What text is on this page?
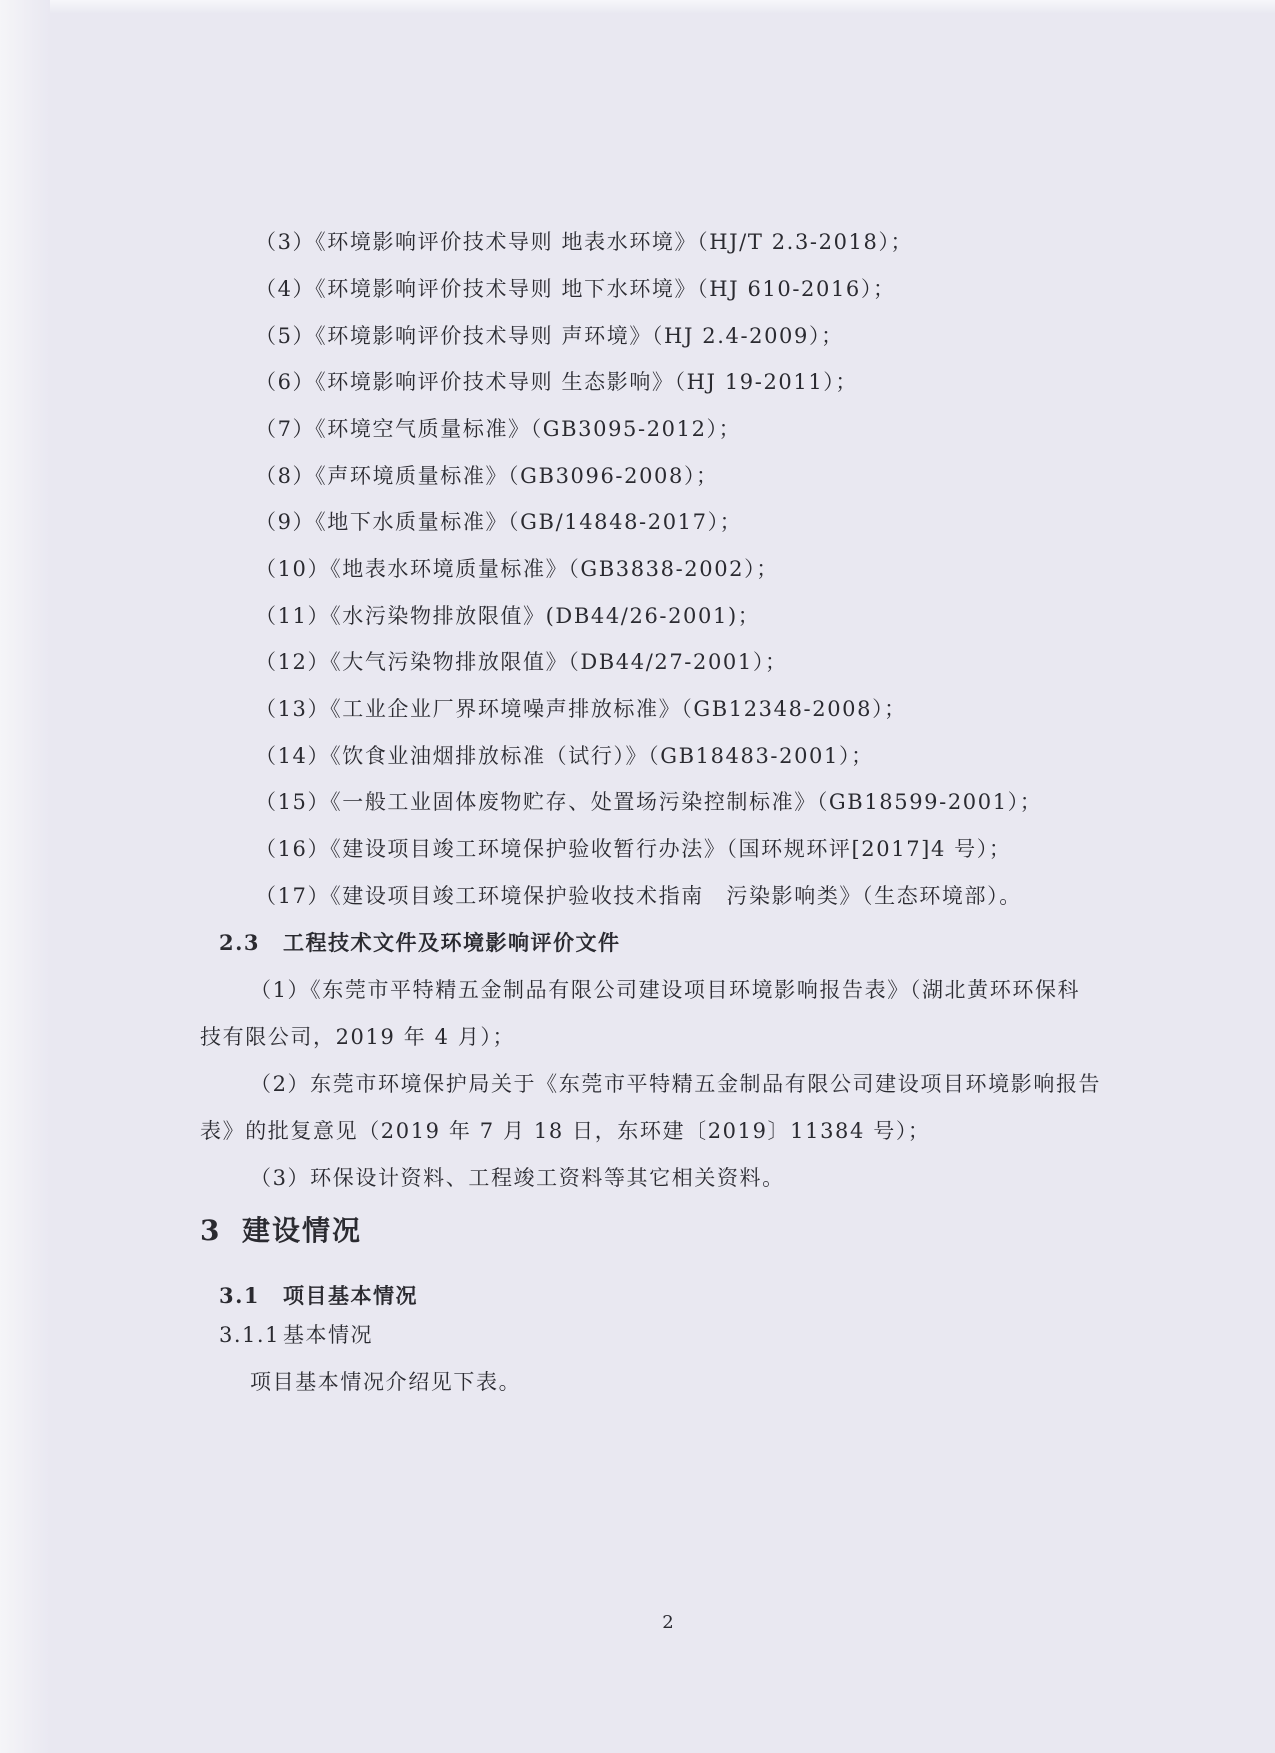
（3）《环境影响评价技术导则 地表水环境》（HJ/T 2.3-2018）；
（4）《环境影响评价技术导则 地下水环境》（HJ 610-2016）；
（5）《环境影响评价技术导则 声环境》（HJ 2.4-2009）；
（6）《环境影响评价技术导则 生态影响》（HJ 19-2011）；
（7）《环境空气质量标准》（GB3095-2012）；
（8）《声环境质量标准》（GB3096-2008）；
（9）《地下水质量标准》（GB/14848-2017）；
（10）《地表水环境质量标准》（GB3838-2002）；
（11）《水污染物排放限值》(DB44/26-2001)；
（12）《大气污染物排放限值》（DB44/27-2001）；
（13）《工业企业厂界环境噪声排放标准》（GB12348-2008）；
（14）《饮食业油烟排放标准（试行）》（GB18483-2001）；
（15）《一般工业固体废物贮存、处置场污染控制标准》（GB18599-2001）；
（16）《建设项目竣工环境保护验收暂行办法》（国环规环评[2017]4 号）；
（17）《建设项目竣工环境保护验收技术指南　污染影响类》（生态环境部）。
2.3 工程技术文件及环境影响评价文件
（1）《东莞市平特精五金制品有限公司建设项目环境影响报告表》（湖北黄环环保科
技有限公司，2019 年 4 月）；
（2）东莞市环境保护局关于《东莞市平特精五金制品有限公司建设项目环境影响报告
表》的批复意见（2019 年 7 月 18 日，东环建〔2019〕11384 号）；
（3）环保设计资料、工程竣工资料等其它相关资料。
3 建设情况
3.1 项目基本情况
3.1.1 基本情况
项目基本情况介绍见下表。
2
